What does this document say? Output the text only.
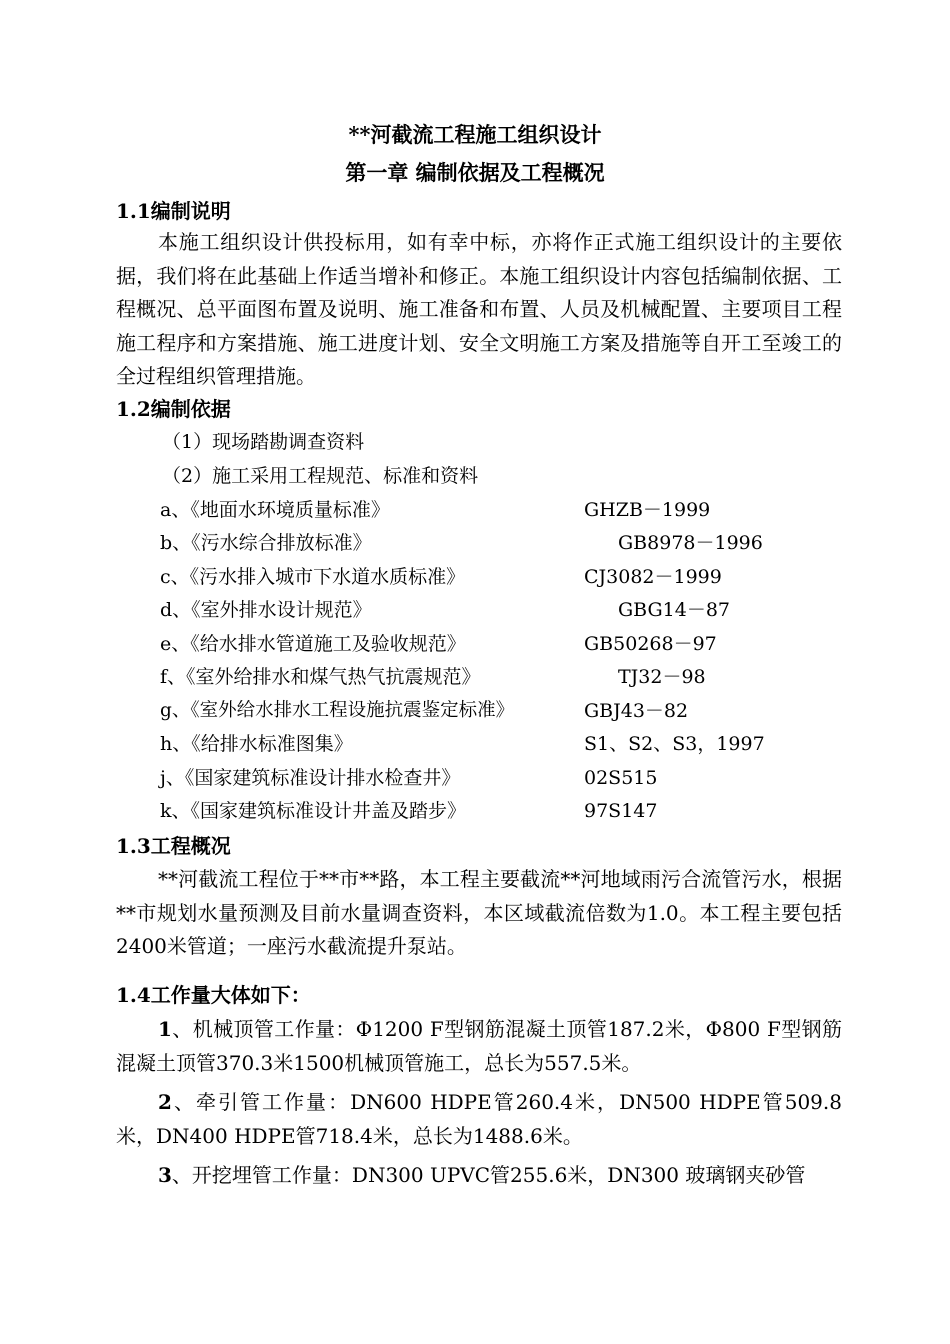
**河截流工程施工组织设计
第一章 编制依据及工程概况
1.1编制说明
本施工组织设计供投标用，如有幸中标，亦将作正式施工组织设计的主要依据，我们将在此基础上作适当增补和修正。本施工组织设计内容包括编制依据、工程概况、总平面图布置及说明、施工准备和布置、人员及机械配置、主要项目工程施工程序和方案措施、施工进度计划、安全文明施工方案及措施等自开工至竣工的全过程组织管理措施。
1.2编制依据
（1）现场踏勘调查资料
（2）施工采用工程规范、标准和资料
a、《地面水环境质量标准》	GHZB－1999
b、《污水综合排放标准》	GB8978－1996
c、《污水排入城市下水道水质标准》	CJ3082－1999
d、《室外排水设计规范》	GBG14－87
e、《给水排水管道施工及验收规范》	GB50268－97
f、《室外给排水和煤气热气抗震规范》	TJ32－98
g、《室外给水排水工程设施抗震鉴定标准》	GBJ43－82
h、《给排水标准图集》	S1、S2、S3，1997
j、《国家建筑标准设计排水检查井》	02S515
k、《国家建筑标准设计井盖及踏步》	97S147
1.3工程概况
**河截流工程位于**市**路，本工程主要截流**河地域雨污合流管污水，根据**市规划水量预测及目前水量调查资料，本区域截流倍数为1.0。本工程主要包括2400米管道；一座污水截流提升泵站。
1.4工作量大体如下：
1、机械顶管工作量：Φ1200 F型钢筋混凝土顶管187.2米，Φ800 F型钢筋混凝土顶管370.3米1500机械顶管施工，总长为557.5米。
2、牵引管工作量：DN600 HDPE管260.4米，DN500 HDPE管509.8米，DN400 HDPE管718.4米，总长为1488.6米。
3、开挖埋管工作量：DN300 UPVC管255.6米，DN300 玻璃钢夹砂管
